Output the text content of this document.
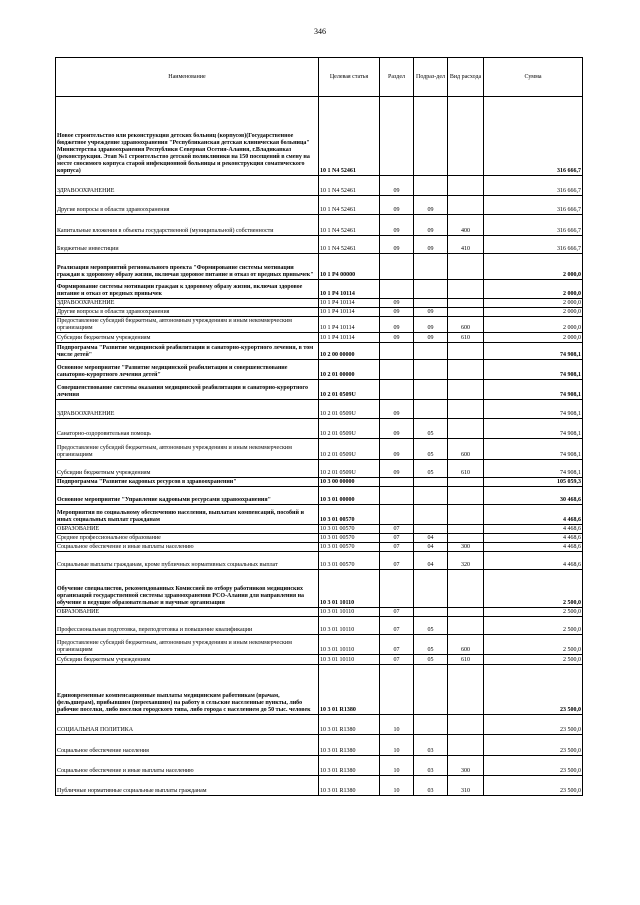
346
Наименование	Целевая статья	Раздел	Подраз-дел	Вид расхода	Сумма
Новое строительство или реконструкция детских больниц (корпусов)(Государственное бюджетное учреждение здравоохранения "Республиканская детская клиническая больница" Министерства здравоохранения Республики Северная Осетия-Алания, г.Владикавказ (реконструкция. Этап №1 строительство детской поликлиники на 150 посещений в смену на месте сносимого корпуса старой инфекционной больницы и реконструкция соматического корпуса)	10 1 N4 52461				316 666,7
ЗДРАВООХРАНЕНИЕ	10 1 N4 52461	09			316 666,7
Другие вопросы в области здравоохранения	10 1 N4 52461	09	09		316 666,7
Капитальные вложения в объекты государственной (муниципальной) собственности	10 1 N4 52461	09	09	400	316 666,7
Бюджетные инвестиции	10 1 N4 52461	09	09	410	316 666,7
Реализация мероприятий регионального проекта "Формирование системы мотивации граждан к здоровому образу жизни, включая здоровое питание и отказ от вредных привычек"	10 1 P4 00000				2 000,0
Формирование системы мотивации граждан к здоровому образу жизни, включая здоровое питание и отказ от вредных привычек	10 1 P4 10114				2 000,0
ЗДРАВООХРАНЕНИЕ	10 1 P4 10114	09			2 000,0
Другие вопросы в области здравоохранения	10 1 P4 10114	09	09		2 000,0
Предоставление субсидий бюджетным, автономным учреждениям и иным некоммерческим организациям	10 1 P4 10114	09	09	600	2 000,0
Субсидии бюджетным учреждениям	10 1 P4 10114	09	09	610	2 000,0
Подпрограмма "Развитие медицинской реабилитации и санаторно-курортного лечения, в том числе детей"	10 2 00 00000				74 908,1
Основное мероприятие "Развитие медицинской реабилитации и совершенствование санаторно-курортного лечения детей"	10 2 01 00000				74 908,1
Совершенствование системы оказания медицинской реабилитации и санаторно-курортного лечения	10 2 01 0509U				74 908,1
ЗДРАВООХРАНЕНИЕ	10 2 01 0509U	09			74 908,1
Санаторно-оздоровительная помощь	10 2 01 0509U	09	05		74 908,1
Предоставление субсидий бюджетным, автономным учреждениям и иным некоммерческим организациям	10 2 01 0509U	09	05	600	74 908,1
Субсидии бюджетным учреждениям	10 2 01 0509U	09	05	610	74 908,1
Подпрограмма "Развитие кадровых ресурсов в здравоохранении"	10 3 00 00000				105 059,3
Основное мероприятие "Управление кадровыми ресурсами здравоохранения"	10 3 01 00000				30 468,6
Мероприятия по социальному обеспечению населения, выплатам компенсаций, пособий и иных социальных выплат гражданам	10 3 01 00570				4 468,6
ОБРАЗОВАНИЕ	10 3 01 00570	07			4 468,6
Среднее профессиональное образование	10 3 01 00570	07	04		4 468,6
Социальное обеспечение и иные выплаты населению	10 3 01 00570	07	04	300	4 468,6
Социальные выплаты гражданам, кроме публичных нормативных социальных выплат	10 3 01 00570	07	04	320	4 468,6
Обучение специалистов, рекомендованных Комиссией по отбору работников медицинских организаций государственной системы здравоохранения РСО-Алания для направления на обучение в ведущие образовательные и научные организации	10 3 01 10110				2 500,0
ОБРАЗОВАНИЕ	10 3 01 10110	07			2 500,0
Профессиональная подготовка, переподготовка и повышение квалификации	10 3 01 10110	07	05		2 500,0
Предоставление субсидий бюджетным, автономным учреждениям и иным некоммерческим организациям	10 3 01 10110	07	05	600	2 500,0
Субсидии бюджетным учреждениям	10 3 01 10110	07	05	610	2 500,0
Единовременные компенсационные выплаты медицинским работникам (врачам, фельдшерам), прибывшим (переехавшим) на работу в сельские населенные пункты, либо рабочие поселки, либо поселки городского типа, либо города с населением до 50 тыс. человек	10 3 01 R1380				23 500,0
СОЦИАЛЬНАЯ ПОЛИТИКА	10 3 01 R1380	10			23 500,0
Социальное обеспечение населения	10 3 01 R1380	10	03		23 500,0
Социальное обеспечение и иные выплаты населению	10 3 01 R1380	10	03	300	23 500,0
Публичные нормативные социальные выплаты гражданам	10 3 01 R1380	10	03	310	23 500,0
